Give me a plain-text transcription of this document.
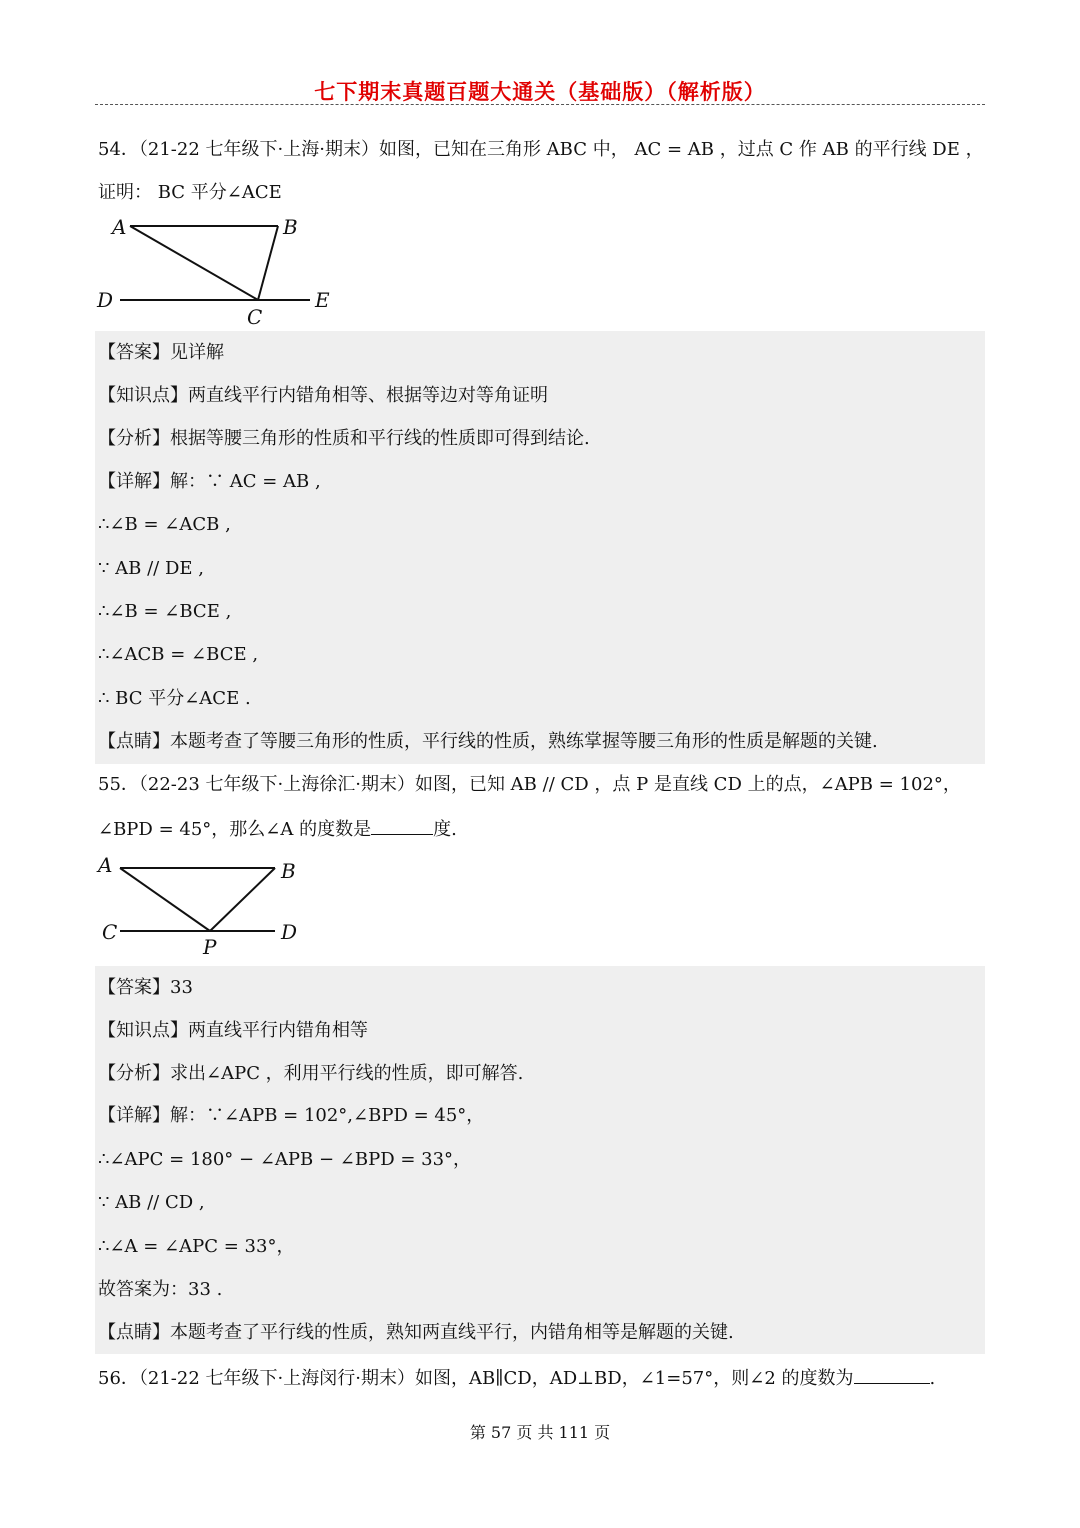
七下期末真题百题大通关（基础版）（解析版）
54．（21-22 七年级下·上海·期末）如图，已知在三角形 ABC 中， AC = AB ，过点 C 作 AB 的平行线 DE ，
证明： BC 平分∠ACE
A	B
C
D	E
【答案】见详解
【知识点】两直线平行内错角相等、根据等边对等角证明
【分析】根据等腰三角形的性质和平行线的性质即可得到结论.
【详解】解：∵ AC = AB ,
∴∠B = ∠ACB ,
∵ AB // DE ,
∴∠B = ∠BCE ,
∴∠ACB = ∠BCE ,
∴ BC 平分∠ACE .
【点睛】本题考查了等腰三角形的性质，平行线的性质，熟练掌握等腰三角形的性质是解题的关键.
55．（22-23 七年级下·上海徐汇·期末）如图，已知 AB // CD ，点 P 是直线 CD 上的点，∠APB = 102°，
∠BPD = 45°，那么∠A 的度数是	度.
A	B
C	D
P
【答案】33
【知识点】两直线平行内错角相等
【分析】求出∠APC ，利用平行线的性质，即可解答.
【详解】解：∵∠APB = 102°,∠BPD = 45°，
∴∠APC = 180° − ∠APB − ∠BPD = 33°，
∵ AB // CD ,
∴∠A = ∠APC = 33°，
故答案为：33 .
【点睛】本题考查了平行线的性质，熟知两直线平行，内错角相等是解题的关键.
56．（21-22 七年级下·上海闵行·期末）如图，AB∥CD，AD⊥BD，∠1=57°，则∠2 的度数为	.
第 57 页 共 111 页
